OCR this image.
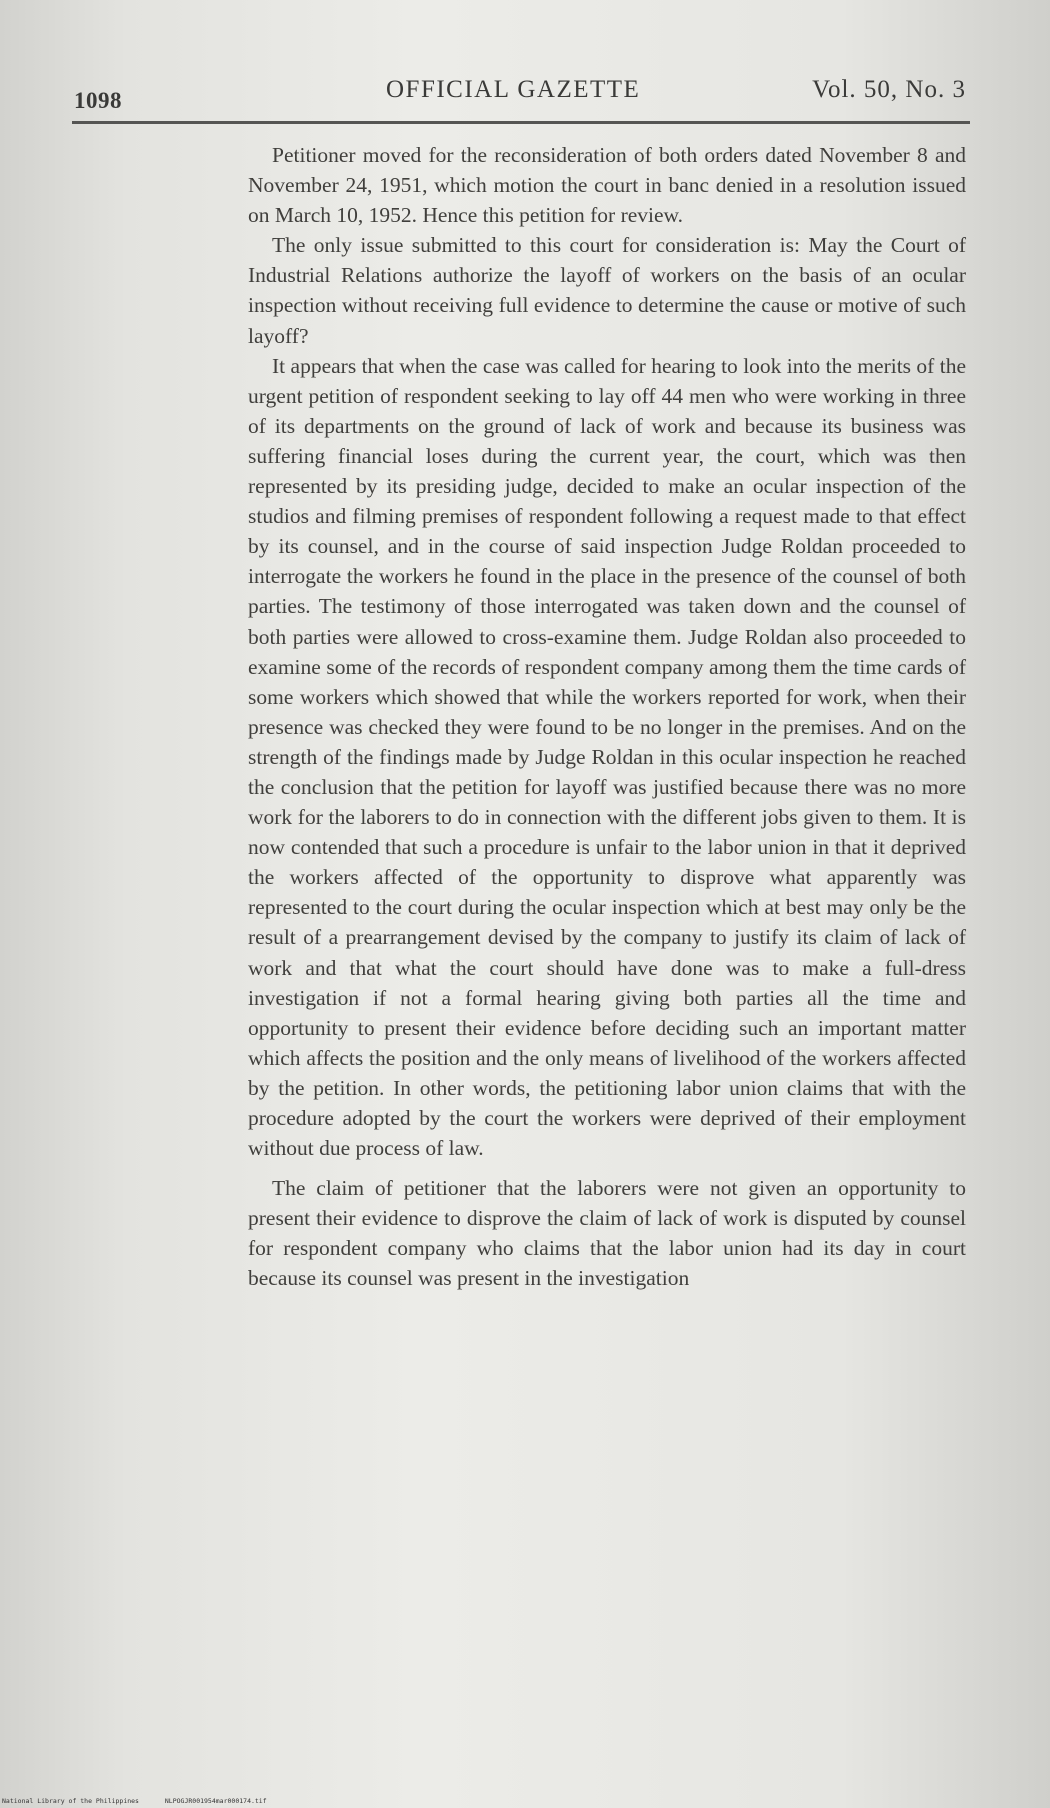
1098	OFFICIAL GAZETTE	Vol. 50, No. 3

Petitioner moved for the reconsideration of both orders dated November 8 and November 24, 1951, which motion the court in banc denied in a resolution issued on March 10, 1952. Hence this petition for review.

The only issue submitted to this court for consideration is: May the Court of Industrial Relations authorize the layoff of workers on the basis of an ocular inspection without receiving full evidence to determine the cause or motive of such layoff?

It appears that when the case was called for hearing to look into the merits of the urgent petition of respondent seeking to lay off 44 men who were working in three of its departments on the ground of lack of work and because its business was suffering financial loses during the current year, the court, which was then represented by its presiding judge, decided to make an ocular inspection of the studios and filming premises of respondent following a request made to that effect by its counsel, and in the course of said inspection Judge Roldan proceeded to interrogate the workers he found in the place in the presence of the counsel of both parties. The testimony of those interrogated was taken down and the counsel of both parties were allowed to cross-examine them. Judge Roldan also proceeded to examine some of the records of respondent company among them the time cards of some workers which showed that while the workers reported for work, when their presence was checked they were found to be no longer in the premises. And on the strength of the findings made by Judge Roldan in this ocular inspection he reached the conclusion that the petition for layoff was justified because there was no more work for the laborers to do in connection with the different jobs given to them. It is now contended that such a procedure is unfair to the labor union in that it deprived the workers affected of the opportunity to disprove what apparently was represented to the court during the ocular inspection which at best may only be the result of a prearrangement devised by the company to justify its claim of lack of work and that what the court should have done was to make a full-dress investigation if not a formal hearing giving both parties all the time and opportunity to present their evidence before deciding such an important matter which affects the position and the only means of livelihood of the workers affected by the petition. In other words, the petitioning labor union claims that with the procedure adopted by the court the workers were deprived of their employment without due process of law.

The claim of petitioner that the laborers were not given an opportunity to present their evidence to disprove the claim of lack of work is disputed by counsel for respondent company who claims that the labor union had its day in court because its counsel was present in the investigation

National Library of the Philippines	NLPOGJR001954mar000174.tif
